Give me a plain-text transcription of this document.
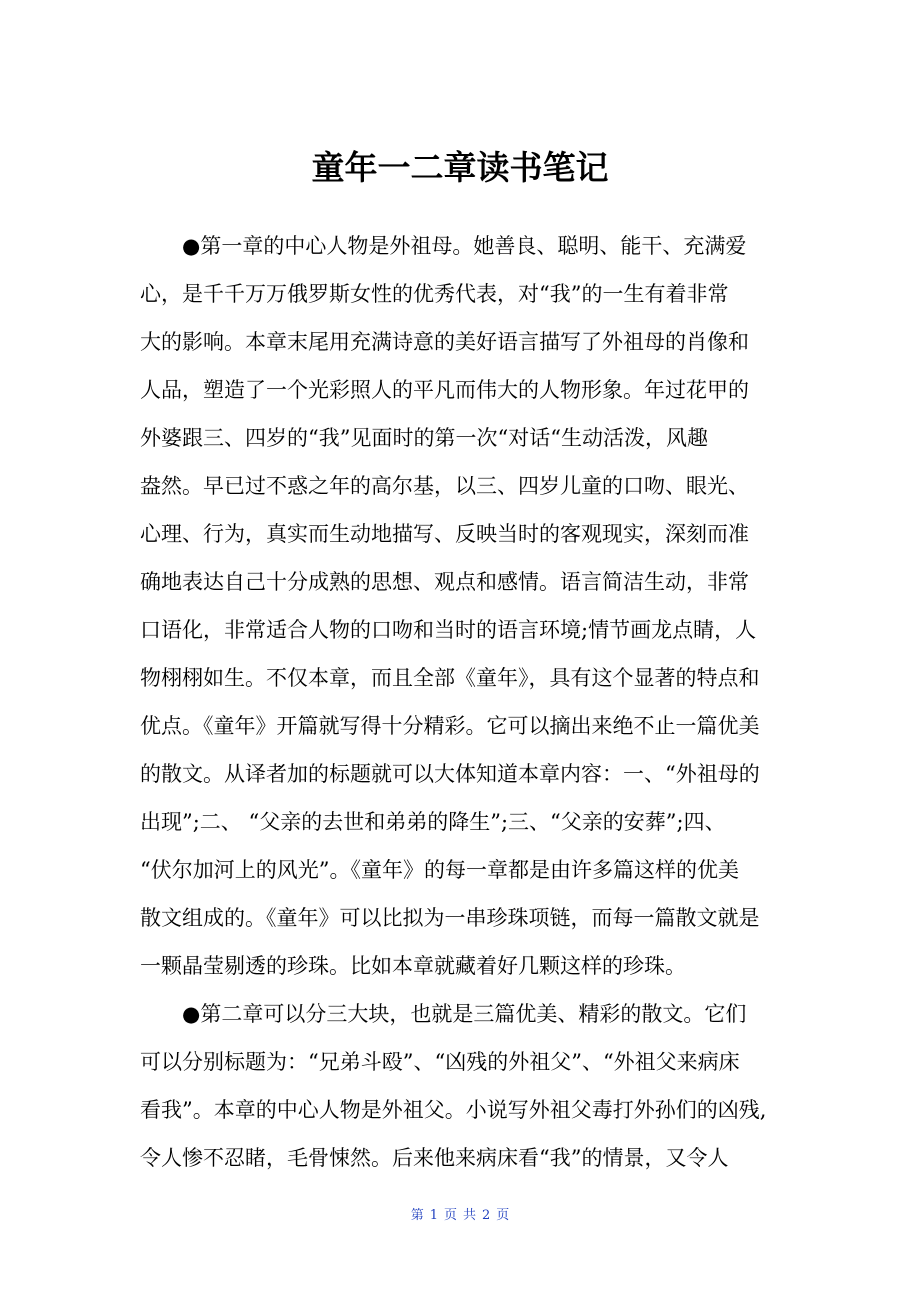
童年一二章读书笔记
●第一章的中心人物是外祖母。她善良、聪明、能干、充满爱
心，是千千万万俄罗斯女性的优秀代表，对“我”的一生有着非常
大的影响。本章末尾用充满诗意的美好语言描写了外祖母的肖像和
人品，塑造了一个光彩照人的平凡而伟大的人物形象。年过花甲的
外婆跟三、四岁的“我”见面时的第一次“对话“生动活泼，风趣
盎然。早已过不惑之年的高尔基，以三、四岁儿童的口吻、眼光、
心理、行为，真实而生动地描写、反映当时的客观现实，深刻而准
确地表达自己十分成熟的思想、观点和感情。语言简洁生动，非常
口语化，非常适合人物的口吻和当时的语言环境;情节画龙点睛，人
物栩栩如生。不仅本章，而且全部《童年》，具有这个显著的特点和
优点。《童年》开篇就写得十分精彩。它可以摘出来绝不止一篇优美
的散文。从译者加的标题就可以大体知道本章内容：一、“外祖母的
出现”;二、 “父亲的去世和弟弟的降生”;三、“父亲的安葬”;四、
“伏尔加河上的风光”。《童年》的每一章都是由许多篇这样的优美
散文组成的。《童年》可以比拟为一串珍珠项链，而每一篇散文就是
一颗晶莹剔透的珍珠。比如本章就藏着好几颗这样的珍珠。
●第二章可以分三大块，也就是三篇优美、精彩的散文。它们
可以分别标题为：“兄弟斗殴”、“凶残的外祖父”、“外祖父来病床
看我”。本章的中心人物是外祖父。小说写外祖父毒打外孙们的凶残,
令人惨不忍睹，毛骨悚然。后来他来病床看“我”的情景，又令人
第 1 页 共 2 页
